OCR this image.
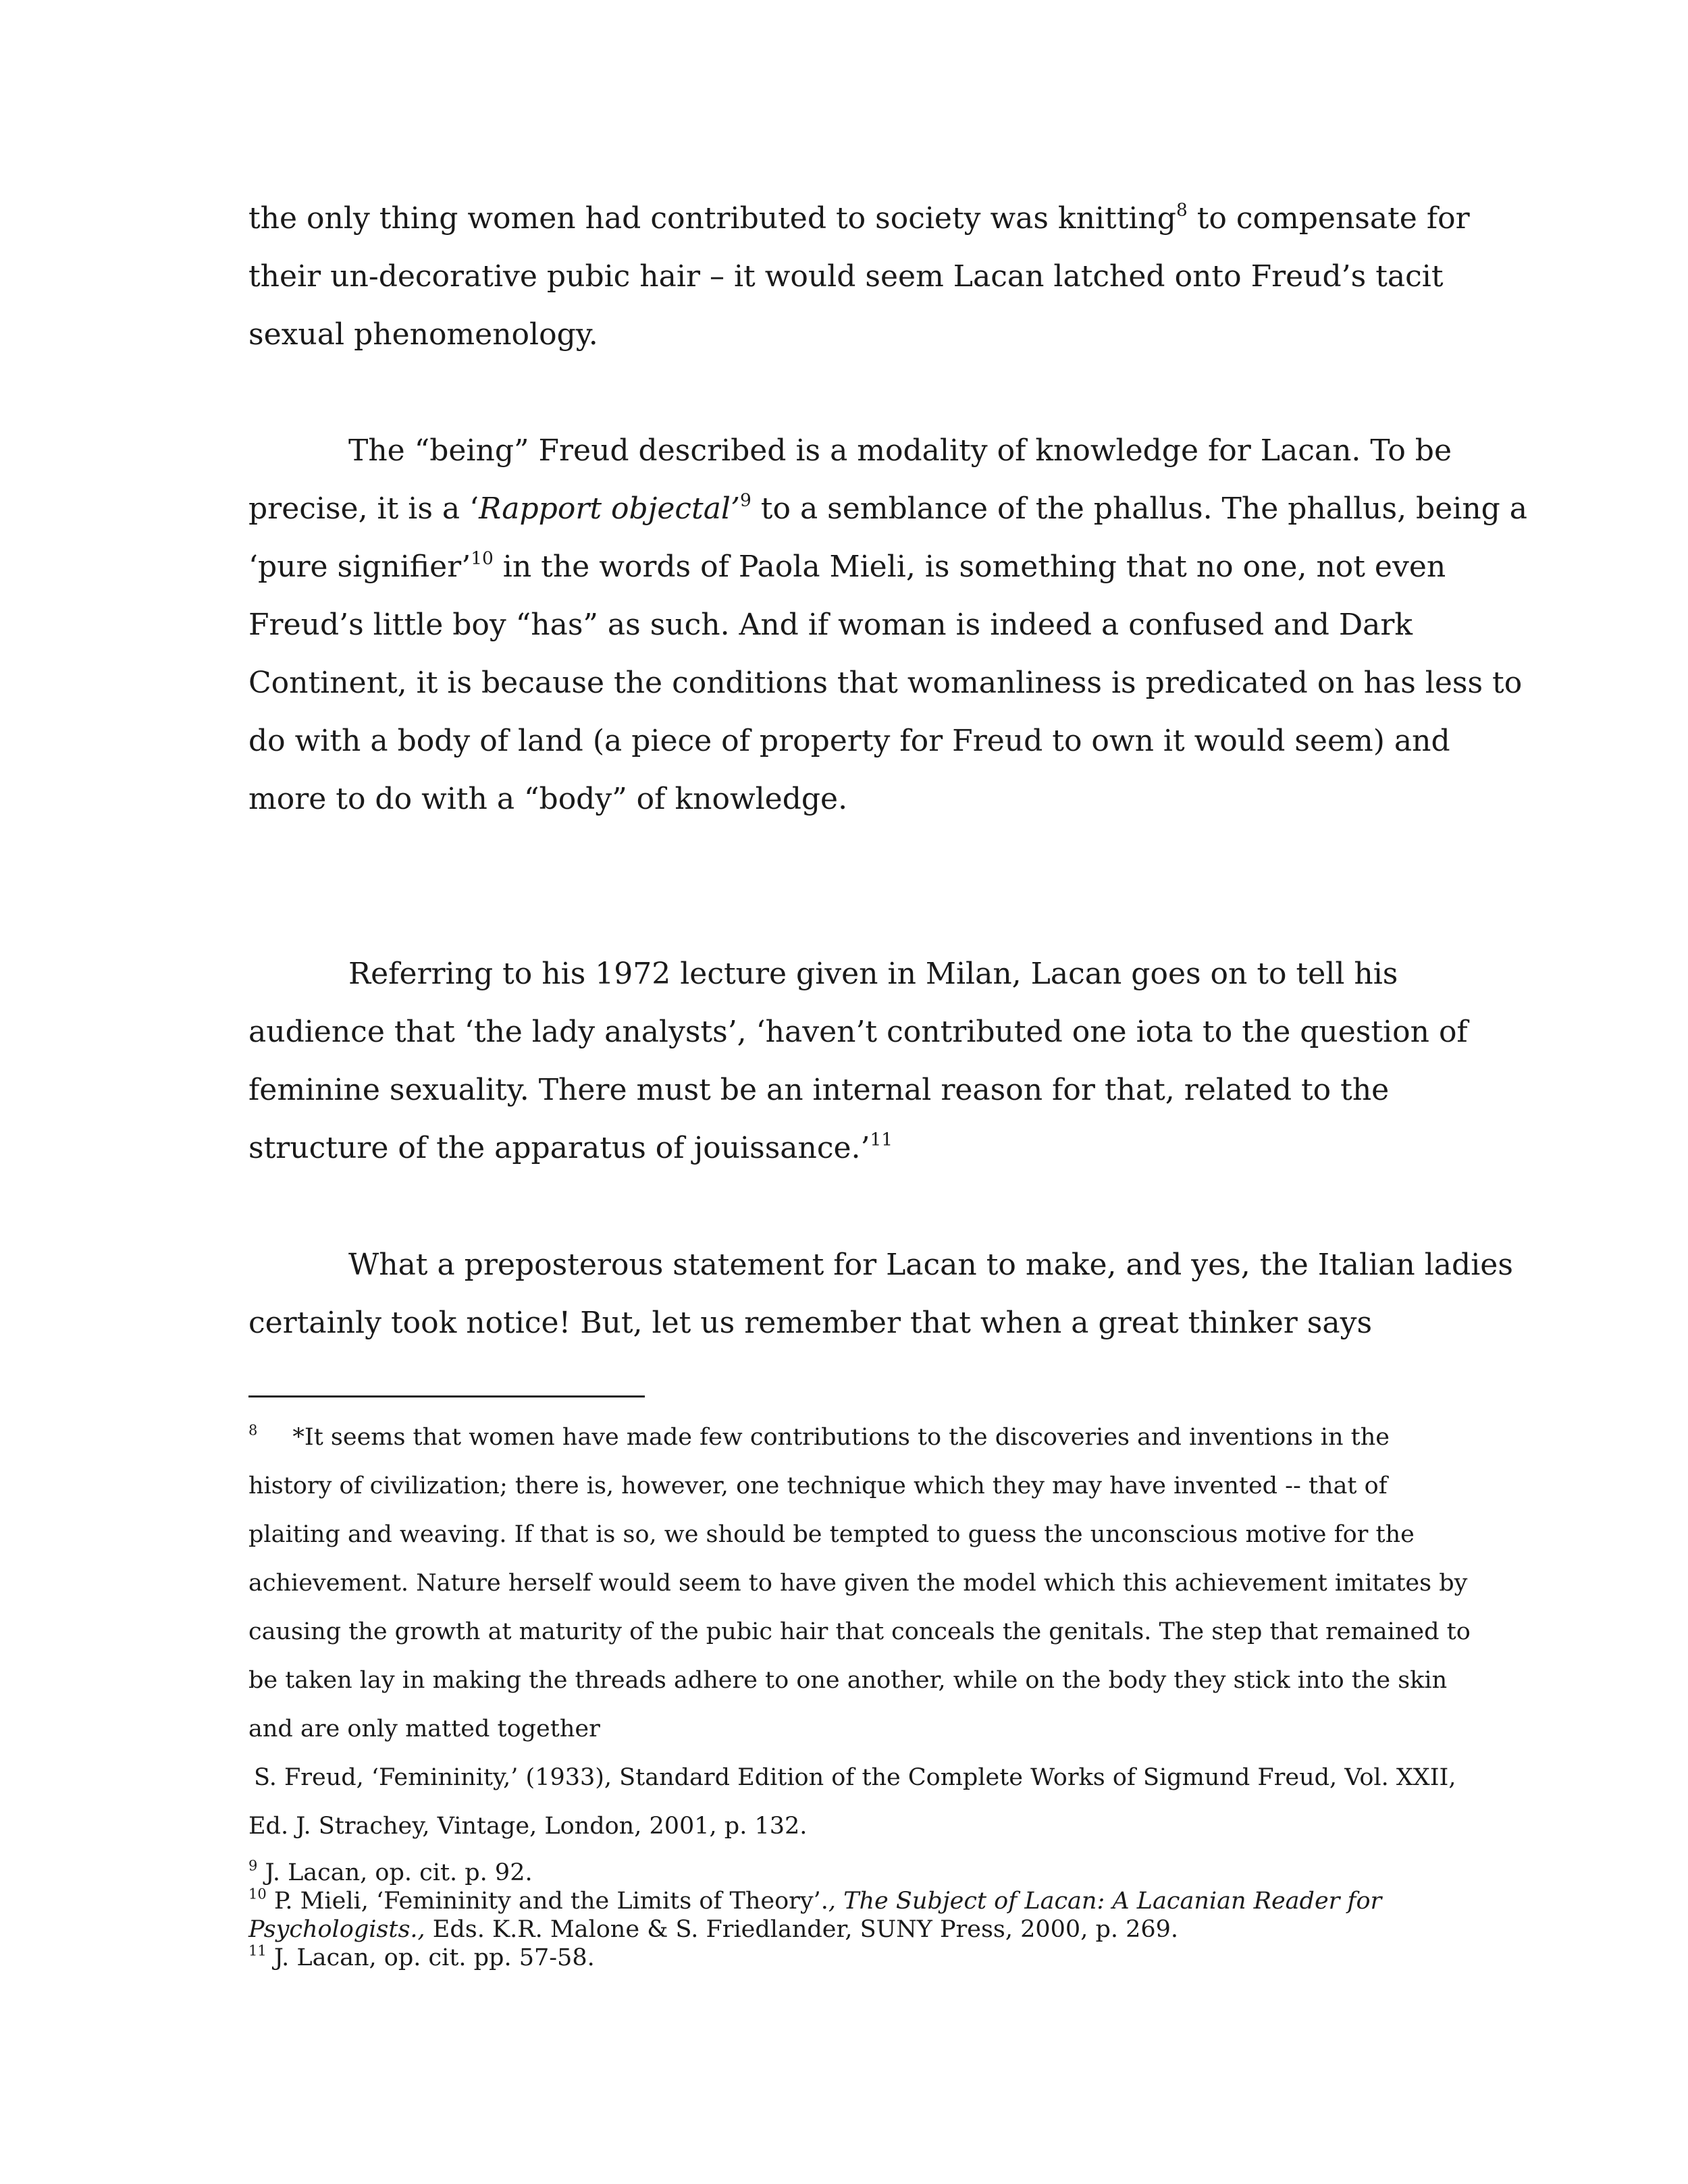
the only thing women had contributed to society was knitting$^8$ to compensate for
their un-decorative pubic hair – it would seem Lacan latched onto Freud’s tacit
sexual phenomenology.
The “being” Freud described is a modality of knowledge for Lacan. To be
precise, it is a ‘Rapport objectal’$^9$ to a semblance of the phallus. The phallus, being a
‘pure signifier’$^{10}$ in the words of Paola Mieli, is something that no one, not even
Freud’s little boy “has” as such. And if woman is indeed a confused and Dark
Continent, it is because the conditions that womanliness is predicated on has less to
do with a body of land (a piece of property for Freud to own it would seem) and
more to do with a “body” of knowledge.
Referring to his 1972 lecture given in Milan, Lacan goes on to tell his
audience that ‘the lady analysts’, ‘haven’t contributed one iota to the question of
feminine sexuality. There must be an internal reason for that, related to the
structure of the apparatus of jouissance.’$^{11}$
What a preposterous statement for Lacan to make, and yes, the Italian ladies
certainly took notice! But, let us remember that when a great thinker says
$^8$ *It seems that women have made few contributions to the discoveries and inventions in the
history of civilization; there is, however, one technique which they may have invented -- that of
plaiting and weaving. If that is so, we should be tempted to guess the unconscious motive for the
achievement. Nature herself would seem to have given the model which this achievement imitates by
causing the growth at maturity of the pubic hair that conceals the genitals. The step that remained to
be taken lay in making the threads adhere to one another, while on the body they stick into the skin
and are only matted together
S. Freud, ‘Femininity,’ (1933), Standard Edition of the Complete Works of Sigmund Freud, Vol. XXII,
Ed. J. Strachey, Vintage, London, 2001, p. 132.
$^9$ J. Lacan, op. cit. p. 92.
$^{10}$ P. Mieli, ‘Femininity and the Limits of Theory’., The Subject of Lacan: A Lacanian Reader for
Psychologists., Eds. K.R. Malone & S. Friedlander, SUNY Press, 2000, p. 269.
$^{11}$ J. Lacan, op. cit. pp. 57-58.
